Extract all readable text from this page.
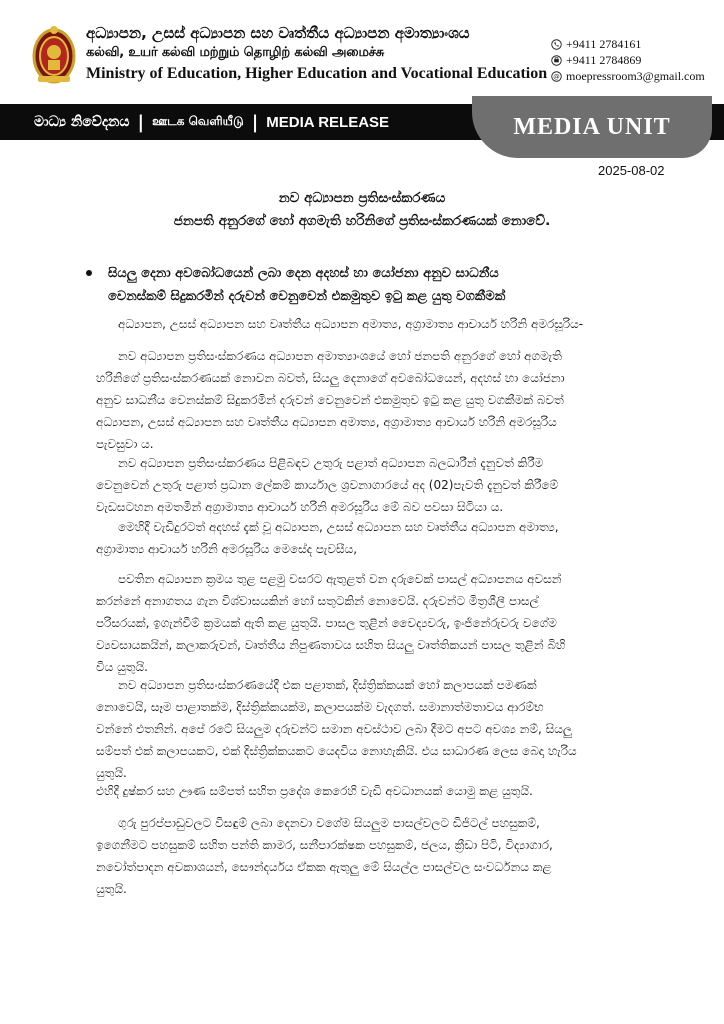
අධ්‍යාපන, උසස් අධ්‍යාපන සහ වෘත්තීය අධ්‍යාපන අමාත්‍යාංශය
கல்வி, உயர் கல்வி மற்றும் தொழிற் கல்வி அமைச்சு
Ministry of Education, Higher Education and Vocational Education
+9411 2784161
+9411 2784869
@ moepressroom3@gmail.com
මාධ්‍ය නිවේදනය | ஊடக வெளியீடு | MEDIA RELEASE	MEDIA UNIT
2025-08-02
නව අධ්‍යාපන ප්‍රතිසංස්කරණය
ජනපති අනුරගේ හෝ අගමැති හරිනිගේ ප්‍රතිසංස්කරණයක් නොවේ.
සියලු දෙනා අවබෝධයෙන් ලබා දෙන අදහස් හා යෝජනා අනුව සාධනීය
වෙනස්කම් සිදුකරමින් දරුවන් වෙනුවෙන් එකමුතුව ඉටු කළ යුතු වගකීමක්
අධ්‍යාපන, උසස් අධ්‍යාපන සහ වෘත්තීය අධ්‍යාපන අමාත්‍ය, අග්‍රාමාත්‍ය ආචාර්ය හරිනි අමරසූරිය-
නව අධ්‍යාපන ප්‍රතිසංස්කරණය අධ්‍යාපන අමාත්‍යාංශයේ හෝ ජනපති අනුරගේ හෝ අගමැති
හරිනිගේ ප්‍රතිසංස්කරණයක් නොවන බවත්, සියලු දෙනාගේ අවබෝධයෙන්, අදහස් හා යෝජනා
අනුව සාධනීය වෙනස්කම් සිදුකරමින් දරුවන් වෙනුවෙන් එකමුතුව ඉටු කළ යුතු වගකීමක් බවත්
අධ්‍යාපන, උසස් අධ්‍යාපන සහ වෘත්තීය අධ්‍යාපන අමාත්‍ය, අග්‍රාමාත්‍ය ආචාර්ය හරිනි අමරසූරිය
පැවසුවා ය.
නව අධ්‍යාපන ප්‍රතිසංස්කරණය පිළිබඳව උතුරු පළාත් අධ්‍යාපන බලධාරීන් දැනුවත් කිරීම
වෙනුවෙන් උතුරු පළාත් ප්‍රධාන ලේකම් කාර්යාල ශ්‍රවනාගාරයේ අද (02)පැවති දැනුවත් කිරීමේ
වැඩසටහන අමතමින් අග්‍රාමාත්‍ය ආචාර්ය හරිනි අමරසූරිය මේ බව පවසා සිටියා ය.
මෙහිදී වැඩිදුරටත් අදහස් දැක් වූ අධ්‍යාපන, උසස් අධ්‍යාපන සහ වෘත්තීය අධ්‍යාපන අමාත්‍ය,
අග්‍රාමාත්‍ය ආචාර්ය හරිනි අමරසූරිය මෙසේද පැවසීය,
පවතින අධ්‍යාපන ක්‍රමය තුළ පළමු වසරට ඇතුළත් වන දරුවෙක් පාසල් අධ්‍යාපනය අවසන්
කරන්නේ අනාගතය ගැන විශ්වාසයකින් හෝ සතුටකින් නොවෙයි. දරුවන්ට මිත්‍රශීලී පාසල්
පරිසරයක්, ඉගැන්වීම් ක්‍රමයක් ඇති කළ යුතුයි. පාසල තුළින් වෛද්‍යවරු, ඉංජිනේරුවරු වගේම
ව්‍යවසායකයින්, කලාකරුවන්, වෘත්තීය නිපුණතාවය සහිත සියලු වෘත්තිකයන් පාසල තුළින් බිහි
විය යුතුයි.
නව අධ්‍යාපන ප්‍රතිසංස්කරණයේදී එක පළාතක්, දිස්ත්‍රික්කයක් හෝ කලාපයක් පමණක්
නොවෙයි, සෑම පාළාතක්ම, දිස්ත්‍රික්කයක්ම, කලාපයක්ම වැදගත්. සමානාත්මතාවය ආරම්භ
වන්නේ එතනින්. අපේ රටේ සියලුම දරුවන්ට සමාන අවස්ථාව ලබා දීමට අපට අවශ්‍ය නම්, සියලු
සම්පත් එක් කලාපයකට, එක් දිස්ත්‍රික්කයකට යෙදවිය නොහැකියි. එය සාධාරණ ලෙස බෙදා හැරිය
යුතුයි.
එහිදී දුෂ්කර සහ ඌණ සම්පත් සහිත ප්‍රදේශ කෙරෙහි වැඩි අවධානයක් යොමු කළ යුතුයි.
ගුරු පුරප්පාඩුවලට විසඳුම් ලබා දෙනවා වගේම සියලුම පාසල්වලට ඩිජිටල් පහසුකම්,
ඉගෙනීමට පහසුකම් සහිත පන්ති කාමර, සනීපාරක්ෂක පහසුකම්, ජලය, ක්‍රීඩා පිටි, විද්‍යාගාර,
නවෝත්පාදන අවකාශයන්, සෞන්දර්යය ඒකක ඇතුලු මේ සියල්ල පාසල්වල සංවර්ධනය කළ
යුතුයි.
